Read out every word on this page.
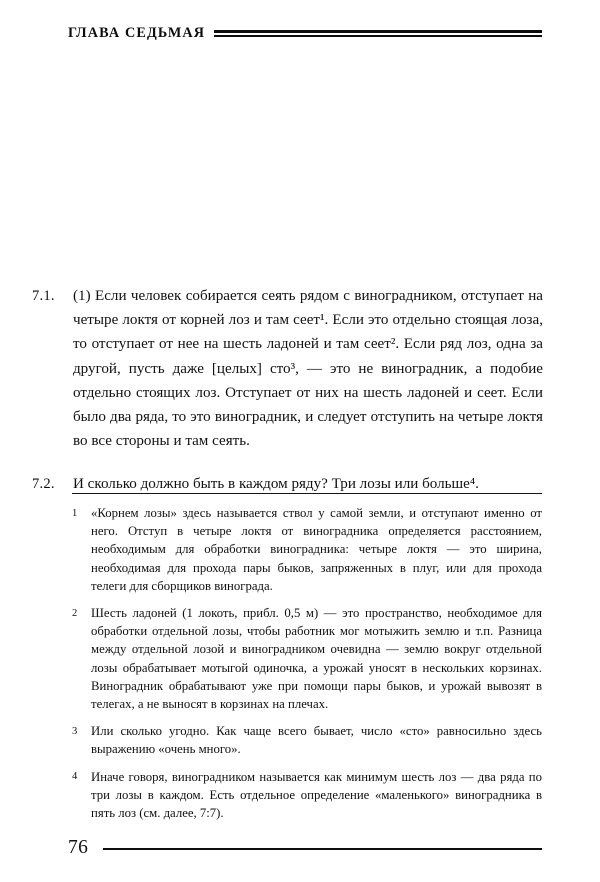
ГЛАВА СЕДЬМАЯ
7.1.	(1) Если человек собирается сеять рядом с виноградником, отступает на четыре локтя от корней лоз и там сеет¹. Если это отдельно стоящая лоза, то отступает от нее на шесть ладоней и там сеет². Если ряд лоз, одна за другой, пусть даже [целых] сто³, — это не виноградник, а подобие отдельно стоящих лоз. Отступает от них на шесть ладоней и сеет. Если было два ряда, то это виноградник, и следует отступить на четыре локтя во все стороны и там сеять.
7.2.	И сколько должно быть в каждом ряду? Три лозы или больше⁴.
1	«Корнем лозы» здесь называется ствол у самой земли, и отступают именно от него. Отступ в четыре локтя от виноградника определяется расстоянием, необходимым для обработки виноградника: четыре локтя — это ширина, необходимая для прохода пары быков, запряженных в плуг, или для прохода телеги для сборщиков винограда.
2	Шесть ладоней (1 локоть, прибл. 0,5 м) — это пространство, необходимое для обработки отдельной лозы, чтобы работник мог мотыжить землю и т.п. Разница между отдельной лозой и виноградником очевидна — землю вокруг отдельной лозы обрабатывает мотыгой одиночка, а урожай уносят в нескольких корзинах. Виноградник обрабатывают уже при помощи пары быков, и урожай вывозят в телегах, а не выносят в корзинах на плечах.
3	Или сколько угодно. Как чаще всего бывает, число «сто» равносильно здесь выражению «очень много».
4	Иначе говоря, виноградником называется как минимум шесть лоз — два ряда по три лозы в каждом. Есть отдельное определение «маленького» виноградника в пять лоз (см. далее, 7:7).
76
